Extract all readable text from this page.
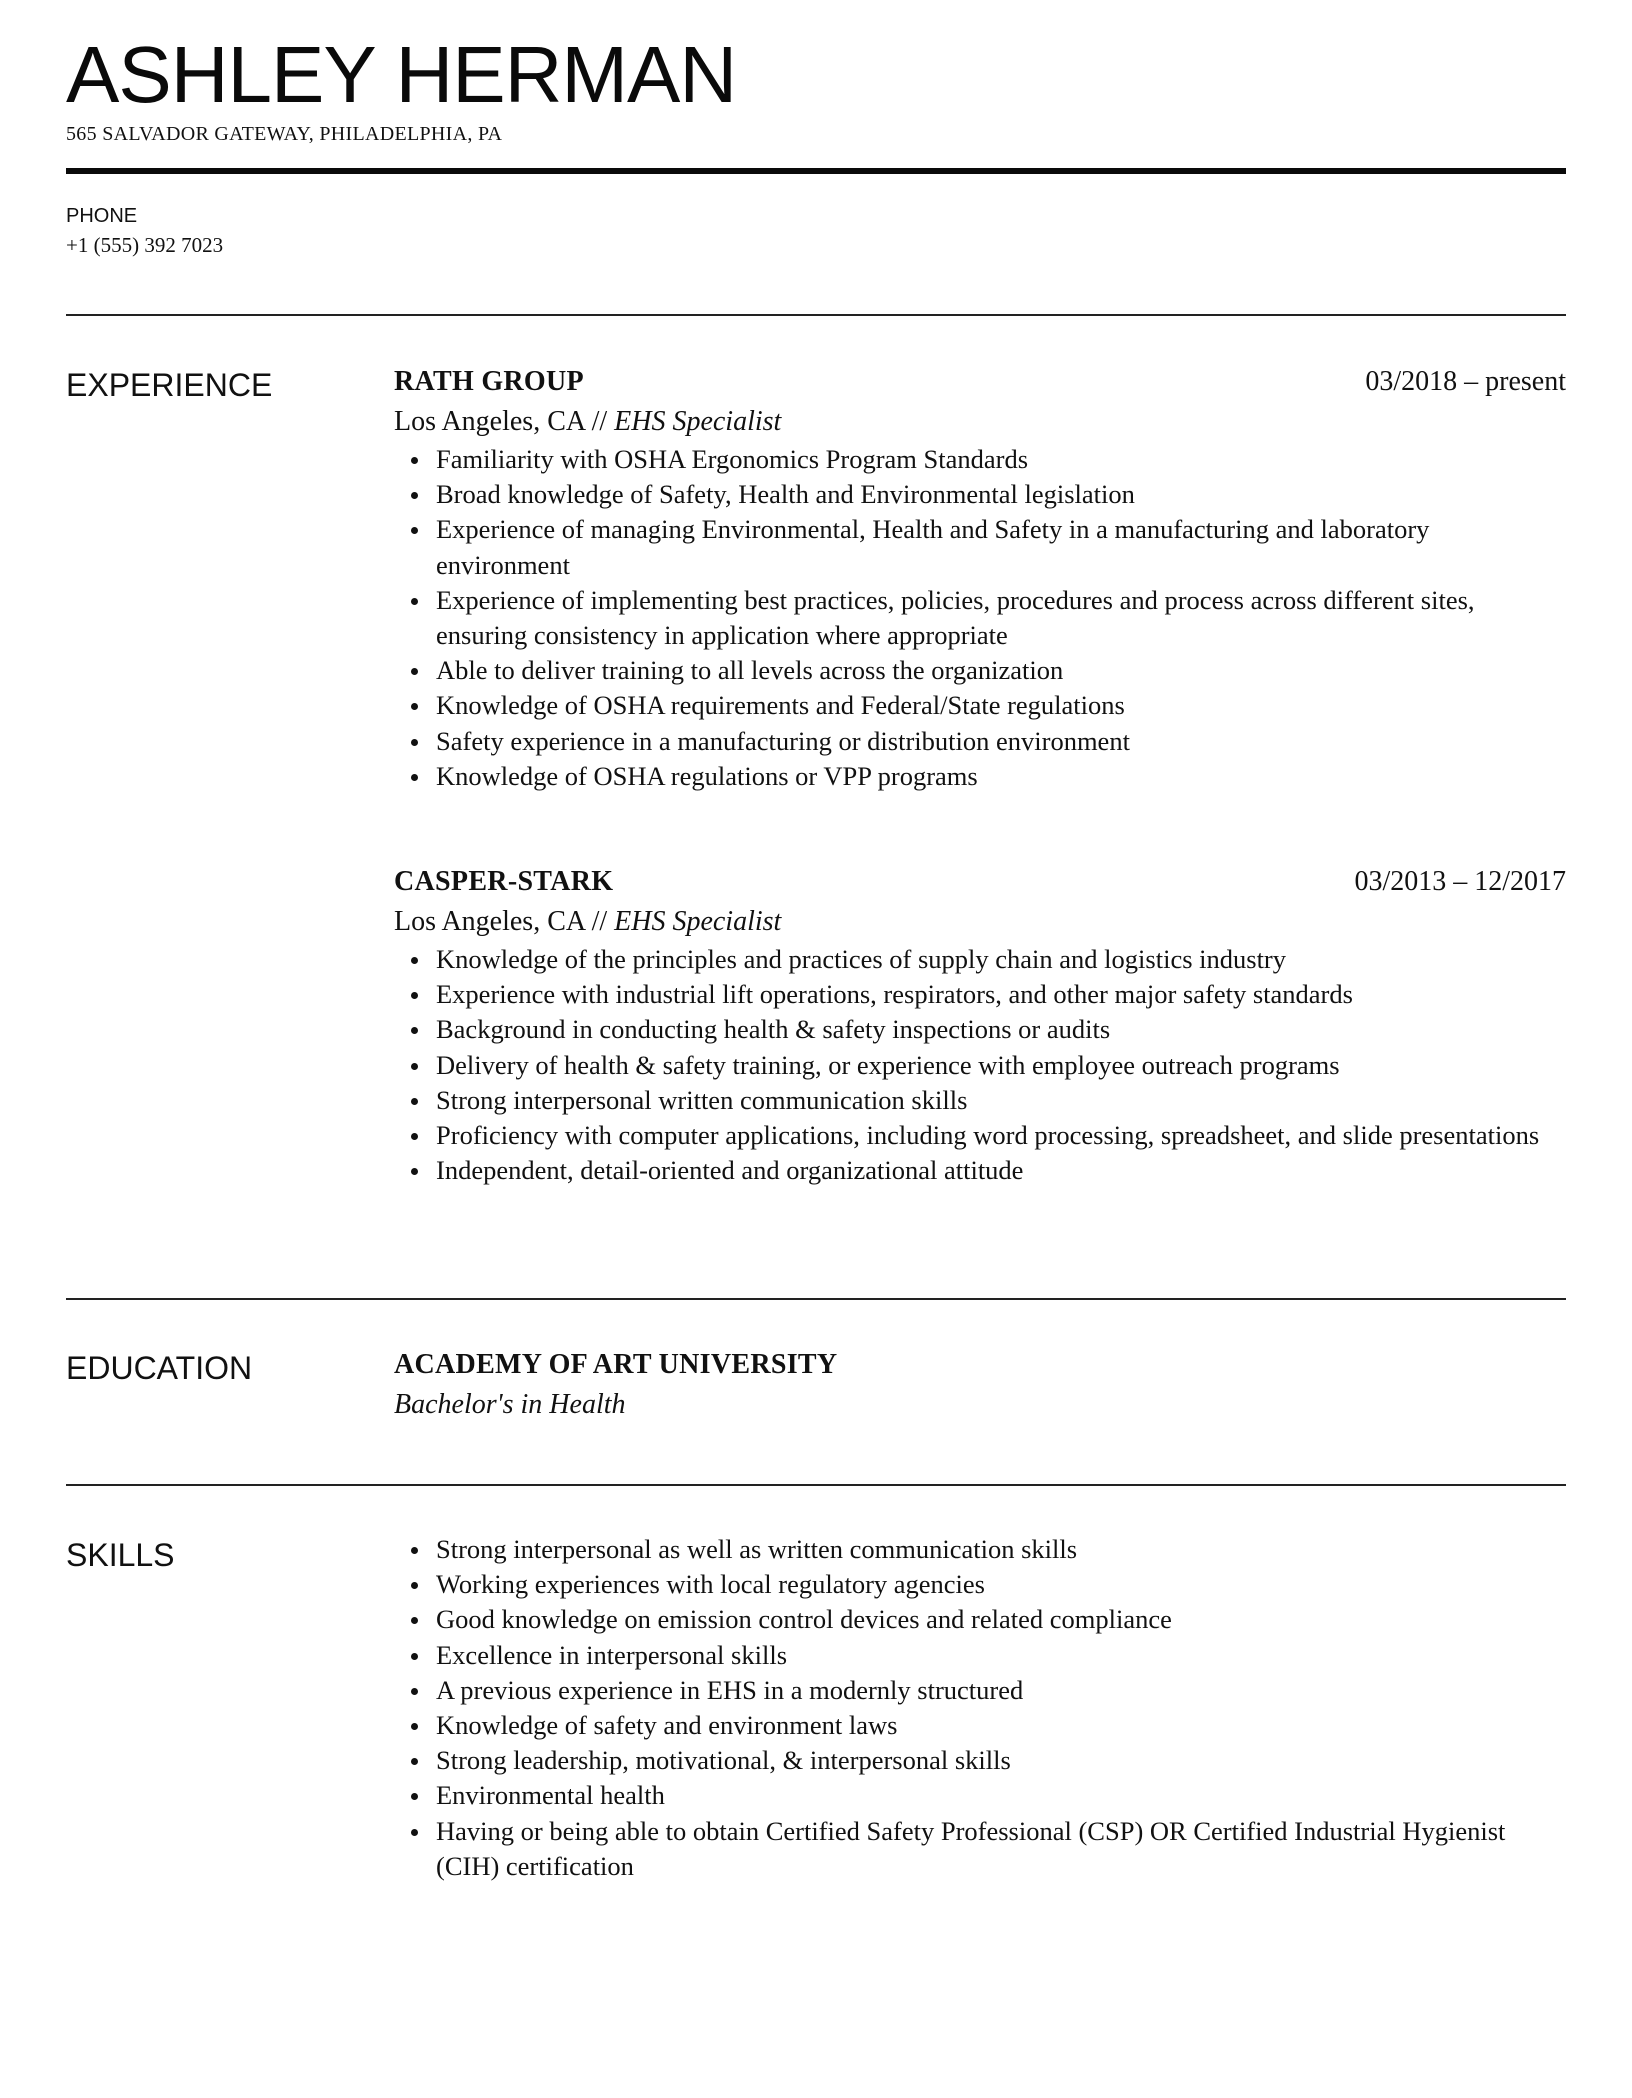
ASHLEY HERMAN
565 SALVADOR GATEWAY, PHILADELPHIA, PA
PHONE
+1 (555) 392 7023
EXPERIENCE	RATH GROUP	03/2018 – present
Los Angeles, CA // EHS Specialist
Familiarity with OSHA Ergonomics Program Standards
Broad knowledge of Safety, Health and Environmental legislation
Experience of managing Environmental, Health and Safety in a manufacturing and laboratory environment
Experience of implementing best practices, policies, procedures and process across different sites, ensuring consistency in application where appropriate
Able to deliver training to all levels across the organization
Knowledge of OSHA requirements and Federal/State regulations
Safety experience in a manufacturing or distribution environment
Knowledge of OSHA regulations or VPP programs
CASPER-STARK	03/2013 – 12/2017
Los Angeles, CA // EHS Specialist
Knowledge of the principles and practices of supply chain and logistics industry
Experience with industrial lift operations, respirators, and other major safety standards
Background in conducting health & safety inspections or audits
Delivery of health & safety training, or experience with employee outreach programs
Strong interpersonal written communication skills
Proficiency with computer applications, including word processing, spreadsheet, and slide presentations
Independent, detail-oriented and organizational attitude
EDUCATION	ACADEMY OF ART UNIVERSITY
Bachelor's in Health
SKILLS	Strong interpersonal as well as written communication skills
Working experiences with local regulatory agencies
Good knowledge on emission control devices and related compliance
Excellence in interpersonal skills
A previous experience in EHS in a modernly structured
Knowledge of safety and environment laws
Strong leadership, motivational, & interpersonal skills
Environmental health
Having or being able to obtain Certified Safety Professional (CSP) OR Certified Industrial Hygienist (CIH) certification
